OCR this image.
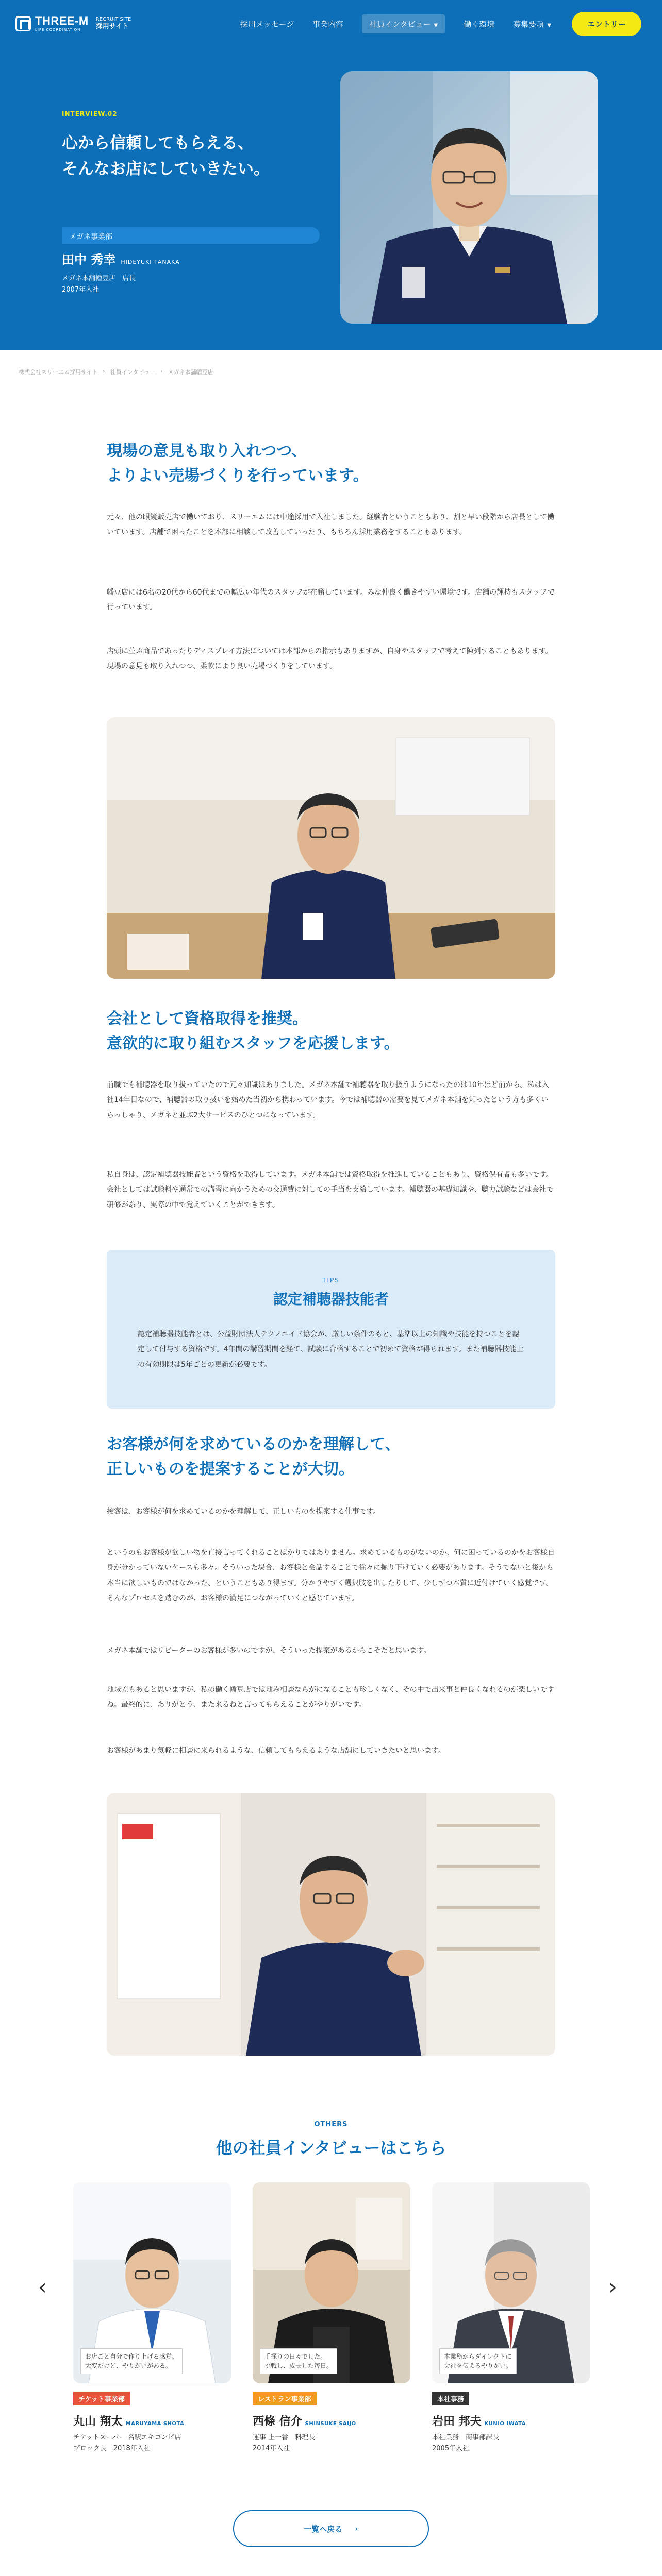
THREE-M
LIFE COORDINATION
RECRUIT SITE
採用サイト	採用メッセージ 事業内容	社員インタビュー ▼	働く環境 募集要項 ▼	エントリー
INTERVIEW.02
心から信頼してもらえる、
そんなお店にしていきたい。
メガネ事業部
田中 秀幸 HIDEYUKI TANAKA
メガネ本舗幡豆店　店長
2007年入社
株式会社スリーエム採用サイト › 社員インタビュー › メガネ本舗幡豆店
現場の意見も取り入れつつ、
よりよい売場づくりを行っています。

元々、他の眼鏡販売店で働いており、スリーエムには中途採用で入社しました。経験者ということもあり、割と早い段階から店長として働いています。店舗で困ったことを本部に相談して改善していったり、もちろん採用業務をすることもあります。

幡豆店には6名の20代から60代までの幅広い年代のスタッフが在籍しています。みな仲良く働きやすい環境です。店舗の輝持もスタッフで行っています。

店頭に並ぶ商品であったりディスプレイ方法については本部からの指示もありますが、自身やスタッフで考えて陳列することもあります。現場の意見も取り入れつつ、柔軟により良い売場づくりをしています。

会社として資格取得を推奨。
意欲的に取り組むスタッフを応援します。

前職でも補聴器を取り扱っていたので元々知識はありました。メガネ本舗で補聴器を取り扱うようになったのは10年ほど前から。私は入社14年目なので、補聴器の取り扱いを始めた当初から携わっています。今では補聴器の需要を見てメガネ本舗を知ったという方も多くいらっしゃり、メガネと並ぶ2大サービスのひとつになっています。

私自身は、認定補聴器技能者という資格を取得しています。メガネ本舗では資格取得を推進していることもあり、資格保有者も多いです。会社としては試験料や通常での講習に向かうための交通費に対しての手当を支給しています。補聴器の基礎知識や、聴力試験などは会社で研修があり、実際の中で覚えていくことができます。

TIPS
認定補聴器技能者

認定補聴器技能者とは、公益財団法人テクノエイド協会が、厳しい条件のもと、基準以上の知識や技能を持つことを認定して付与する資格です。4年間の講習期間を経て、試験に合格することで初めて資格が得られます。また補聴器技能士の有効期限は5年ごとの更新が必要です。

お客様が何を求めているのかを理解して、
正しいものを提案することが大切。

接客は、お客様が何を求めているのかを理解して、正しいものを提案する仕事です。

というのもお客様が欲しい物を直接言ってくれることばかりではありません。求めているものがないのか、何に困っているのかをお客様自身が分かっていないケースも多々。そういった場合、お客様と会話することで徐々に掘り下げていく必要があります。そうでないと後から本当に欲しいものではなかった、ということもあり得ます。分かりやすく選択肢を出したりして、少しずつ本質に近付けていく感覚です。そんなプロセスを踏むのが、お客様の満足につながっていくと感じています。

メガネ本舗ではリピーターのお客様が多いのですが、そういった提案があるからこそだと思います。

地域差もあると思いますが、私の働く幡豆店では地み相談ならがになることも珍しくなく、その中で出来事と仲良くなれるのが楽しいですね。最終的に、ありがとう、また来るねと言ってもらえることがやりがいです。

お客様があまり気軽に相談に来られるような、信頼してもらえるような店舗にしていきたいと思います。

OTHERS
他の社員インタビューはこちら
‹	›
お店ごと自分で作り上げる感覚。
大変だけど、やりがいがある。
チケット事業部
丸山 翔太 MARUYAMA SHOTA
チケットスーパー 名駅エキコンビ店
ブロック長　2018年入社
手探りの日々でした。
挑戦し、成長した毎日。
レストラン事業部
西條 信介 SHINSUKE SAIJO
運事 上一番　料理長
2014年入社
本業務からダイレクトに
会社を伝えるやりがい。
本社事務
岩田 邦夫 KUNIO IWATA
本社業務　商事部課長
2005年入社
一覧へ戻る ›
